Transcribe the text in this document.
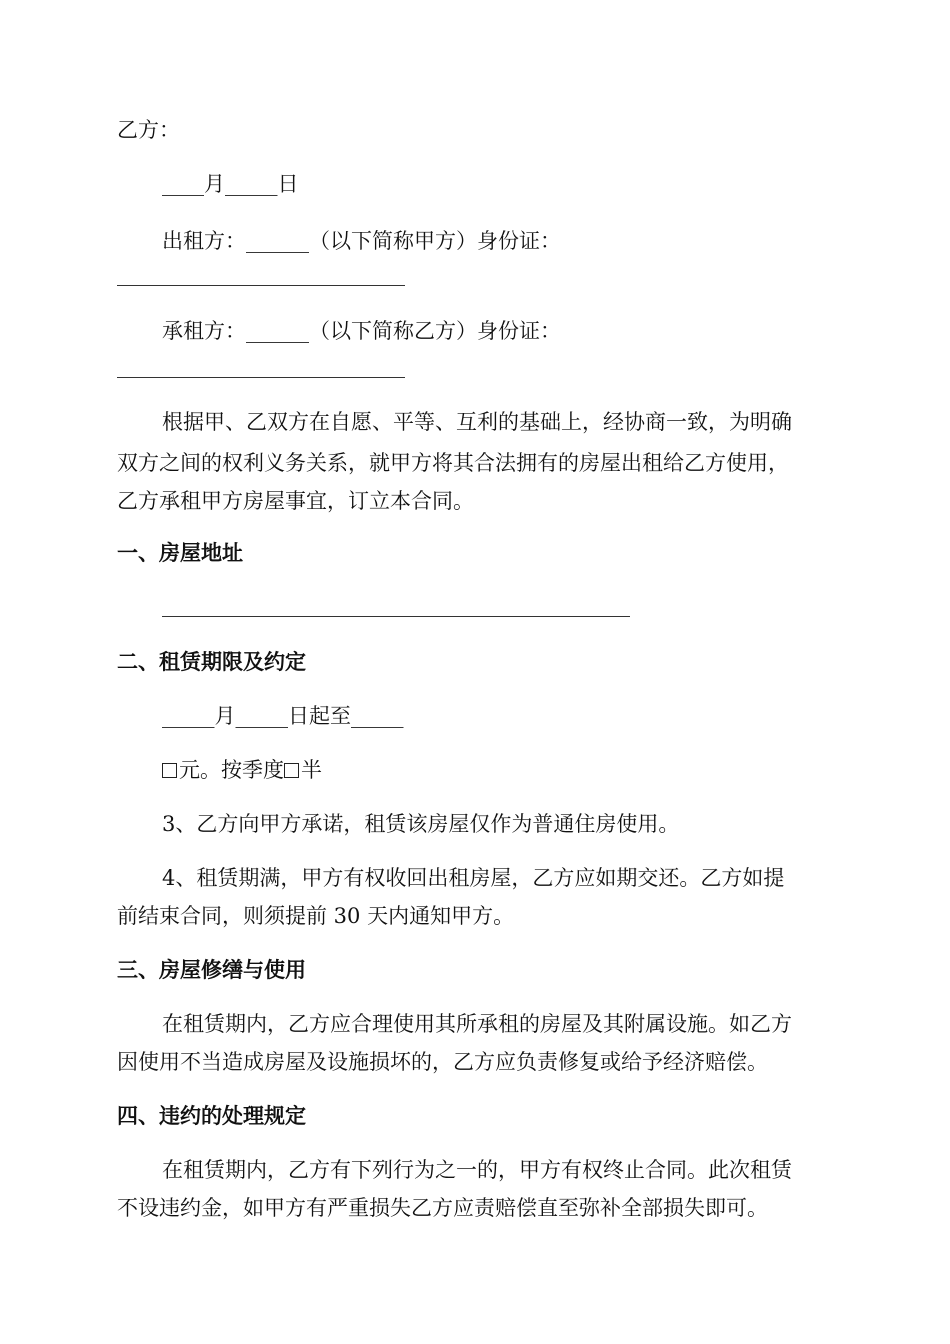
乙方：
____月_____日
出租方：______（以下简称甲方）身份证：
承租方：______（以下简称乙方）身份证：
根据甲、乙双方在自愿、平等、互利的基础上，经协商一致，为明确
双方之间的权利义务关系，就甲方将其合法拥有的房屋出租给乙方使用，
乙方承租甲方房屋事宜，订立本合同。
一、房屋地址
二、租赁期限及约定
_____月_____日起至_____
元。按季度 半
3、乙方向甲方承诺，租赁该房屋仅作为普通住房使用。
4、租赁期满，甲方有权收回出租房屋，乙方应如期交还。乙方如提
前结束合同，则须提前 30 天内通知甲方。
三、房屋修缮与使用
在租赁期内，乙方应合理使用其所承租的房屋及其附属设施。如乙方
因使用不当造成房屋及设施损坏的，乙方应负责修复或给予经济赔偿。
四、违约的处理规定
在租赁期内，乙方有下列行为之一的，甲方有权终止合同。此次租赁
不设违约金，如甲方有严重损失乙方应责赔偿直至弥补全部损失即可。
